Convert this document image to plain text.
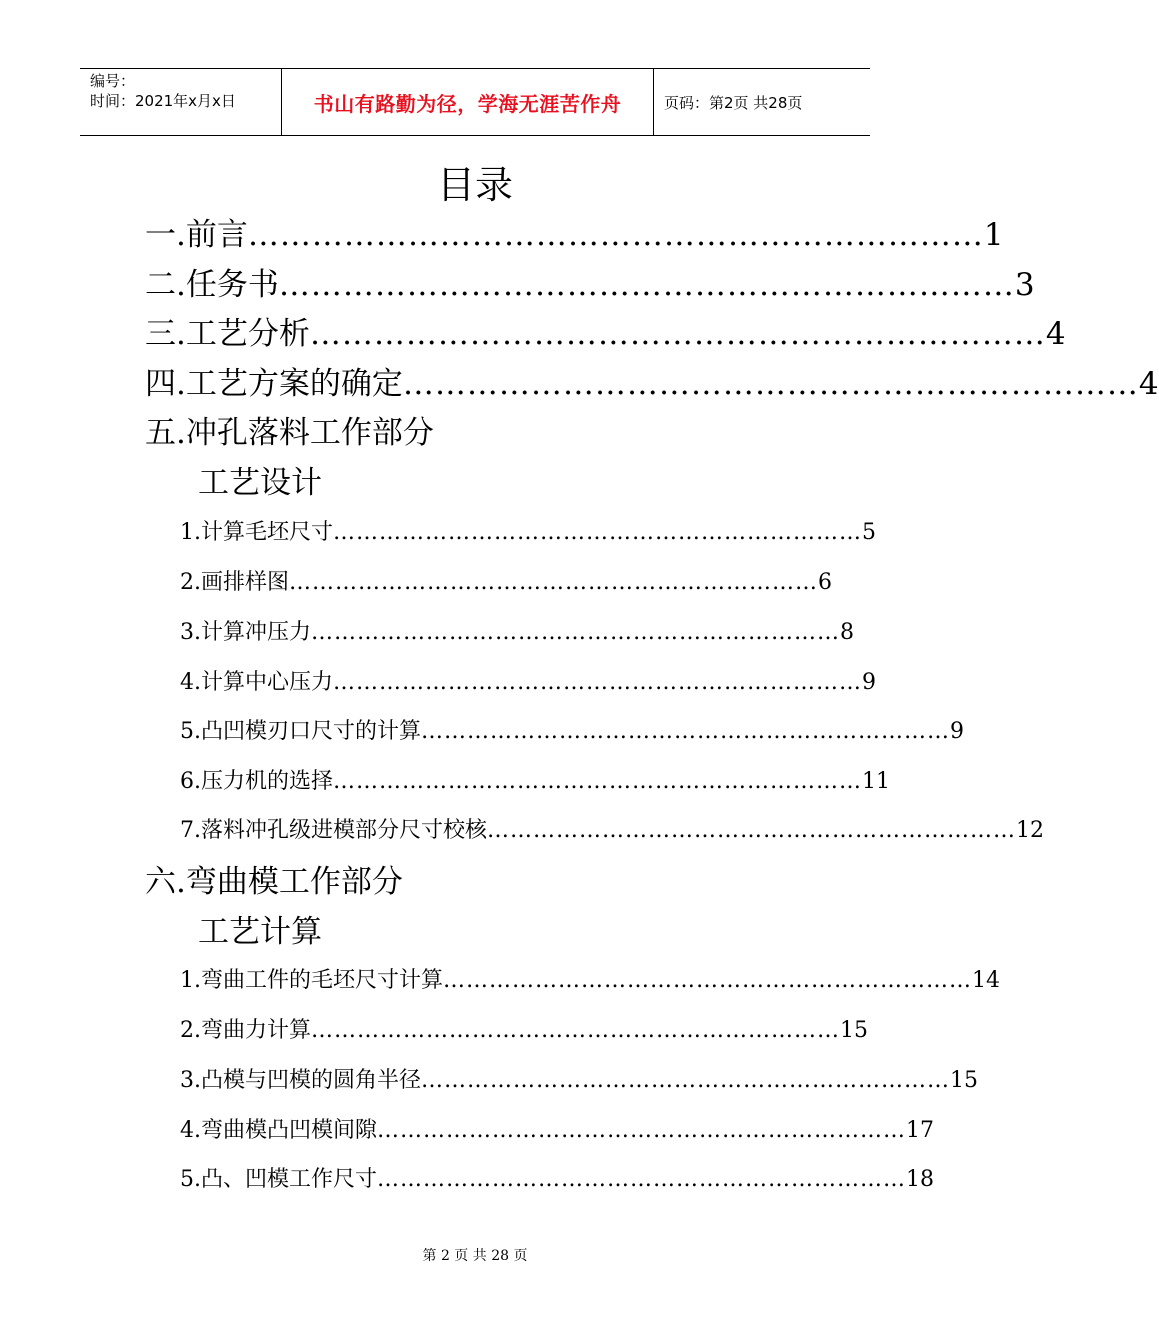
编号：
时间：2021年x月x日	书山有路勤为径，学海无涯苦作舟	页码：第2页 共28页
目录
一.前言 …………………………………………………………… 1
二.任务书 …………………………………………………………… 3
三.工艺分析 …………………………………………………………… 4
四.工艺方案的确定 …………………………………………………………… 4
五.冲孔落料工作部分
工艺设计
1.计算毛坯尺寸 …………………………………………………………… 5
2.画排样图 …………………………………………………………… 6
3.计算冲压力 …………………………………………………………… 8
4.计算中心压力 …………………………………………………………… 9
5.凸凹模刃口尺寸的计算 …………………………………………………………… 9
6.压力机的选择 …………………………………………………………… 11
7.落料冲孔级进模部分尺寸校核 …………………………………………………………… 12
六.弯曲模工作部分
工艺计算
1.弯曲工件的毛坯尺寸计算 …………………………………………………………… 14
2.弯曲力计算 …………………………………………………………… 15
3.凸模与凹模的圆角半径 …………………………………………………………… 15
4.弯曲模凸凹模间隙 …………………………………………………………… 17
5.凸、凹模工作尺寸 …………………………………………………………… 18
第 2 页 共 28 页
